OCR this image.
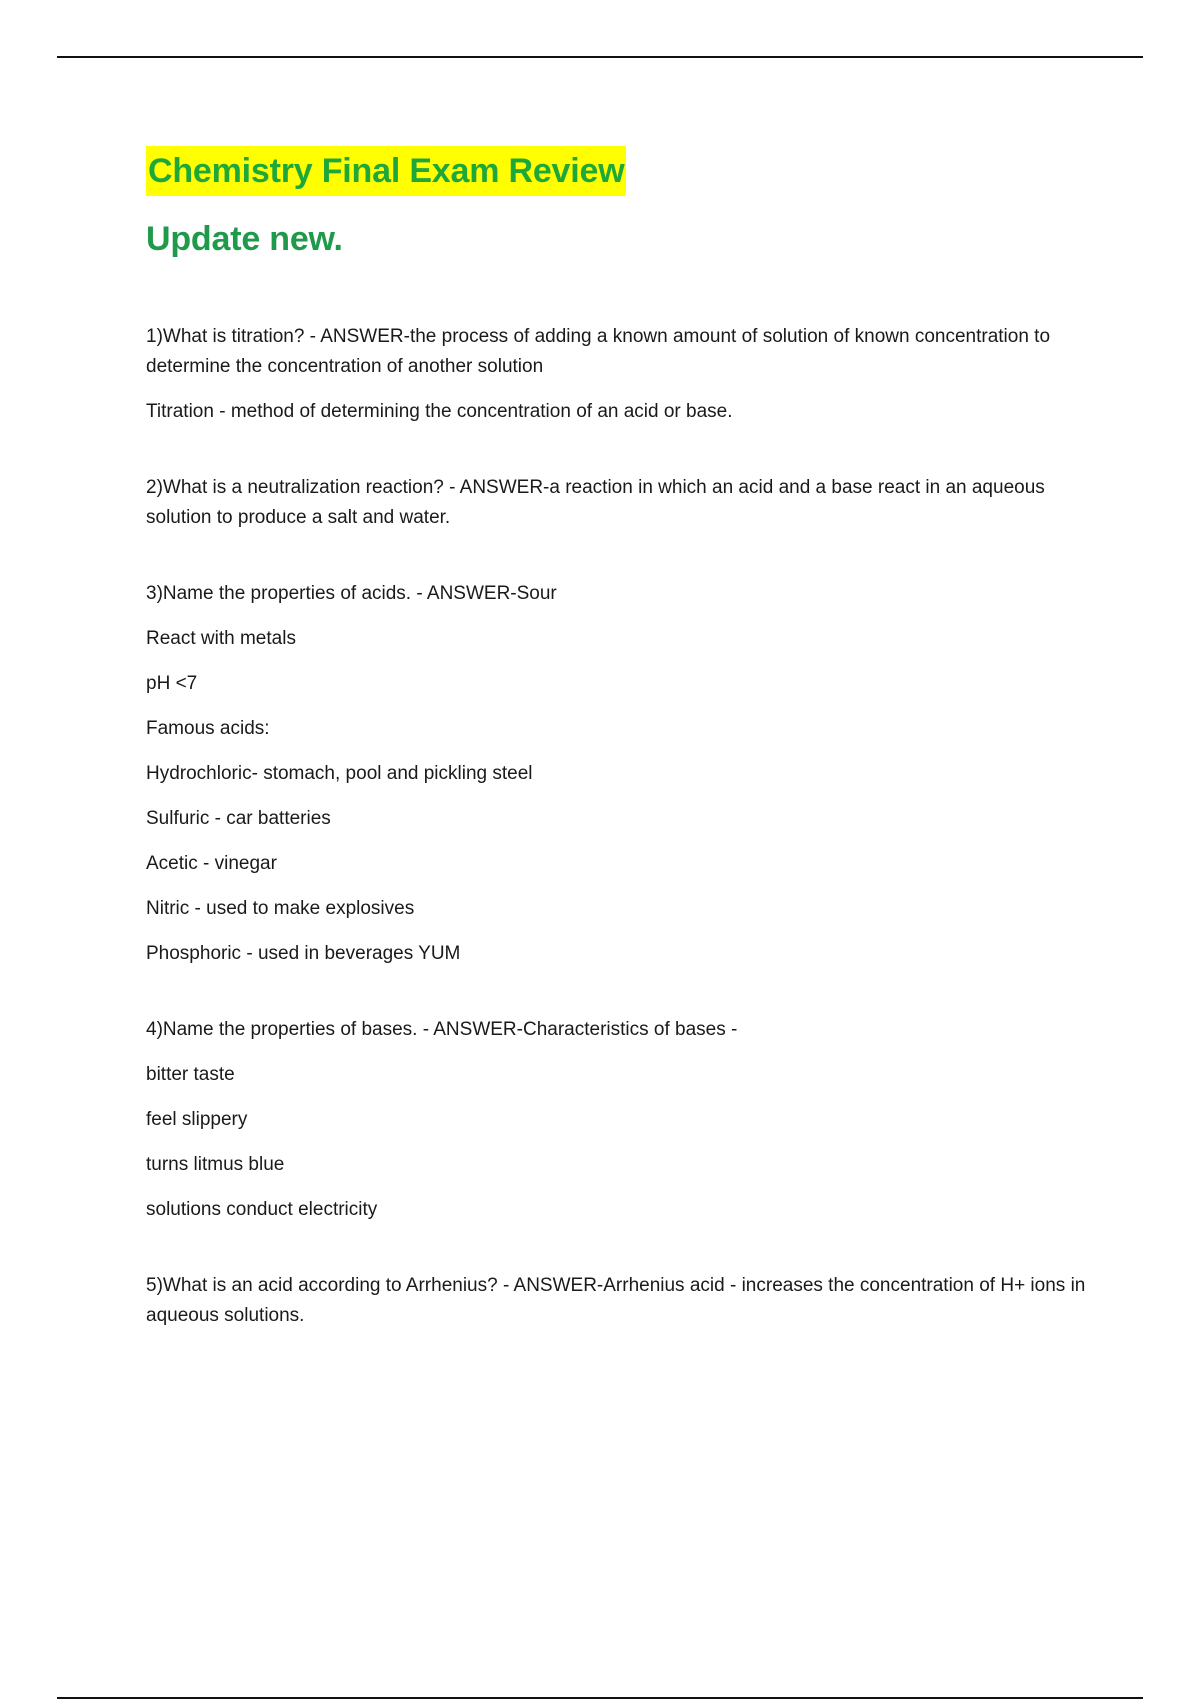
Chemistry Final Exam Review
Update new.

1)What is titration? - ANSWER-the process of adding a known amount of solution of known concentration to determine the concentration of another solution

Titration - method of determining the concentration of an acid or base.

2)What is a neutralization reaction? - ANSWER-a reaction in which an acid and a base react in an aqueous solution to produce a salt and water.

3)Name the properties of acids. - ANSWER-Sour

React with metals

pH <7

Famous acids:

Hydrochloric- stomach, pool and pickling steel

Sulfuric - car batteries

Acetic - vinegar

Nitric - used to make explosives

Phosphoric - used in beverages YUM

4)Name the properties of bases. - ANSWER-Characteristics of bases -

bitter taste

feel slippery

turns litmus blue

solutions conduct electricity

5)What is an acid according to Arrhenius? - ANSWER-Arrhenius acid - increases the concentration of H+ ions in aqueous solutions.
